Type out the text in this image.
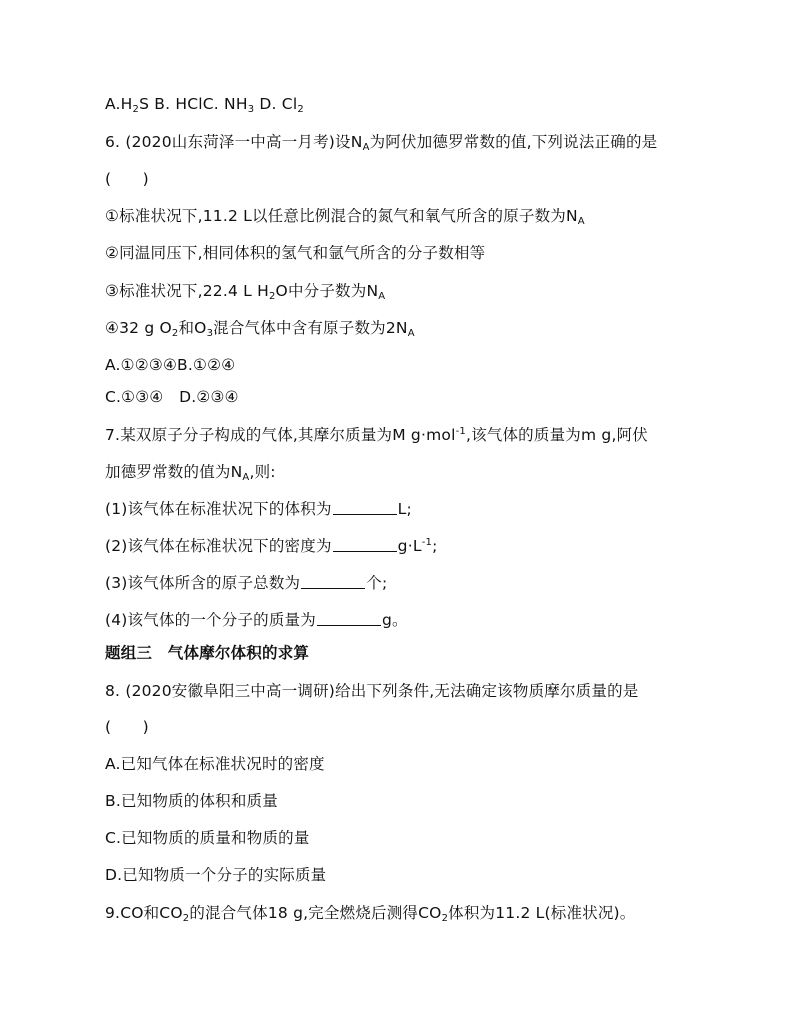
$A.H_2S$ B. HClC. $NH_3$ D. $Cl_2$
6. (2020山东菏泽一中高一月考)设$N_A$为阿伏加德罗常数的值,下列说法正确的是
(　　)
①标准状况下,11.2 L以任意比例混合的氮气和氧气所含的原子数为$N_A$
②同温同压下,相同体积的氢气和氩气所含的分子数相等
③标准状况下,22.4 L $H_2O$中分子数为$N_A$
④32 g $O_2$和$O_3$混合气体中含有原子数为$2N_A$
A.①②③④B.①②④
C.①③④　D.②③④
7.某双原子分子构成的气体,其摩尔质量为M g·mol$^{-1}$,该气体的质量为m g,阿伏
加德罗常数的值为$N_A$,则:
(1)该气体在标准状况下的体积为	L;
(2)该气体在标准状况下的密度为	$g\cdot L^{-1}$;
(3)该气体所含的原子总数为	个;
(4)该气体的一个分子的质量为	g。
题组三　气体摩尔体积的求算
8. (2020安徽阜阳三中高一调研)给出下列条件,无法确定该物质摩尔质量的是
(　　)
A.已知气体在标准状况时的密度
B.已知物质的体积和质量
C.已知物质的质量和物质的量
D.已知物质一个分子的实际质量
9.CO和$CO_2$的混合气体18 g,完全燃烧后测得$CO_2$体积为11.2 L(标准状况)。
